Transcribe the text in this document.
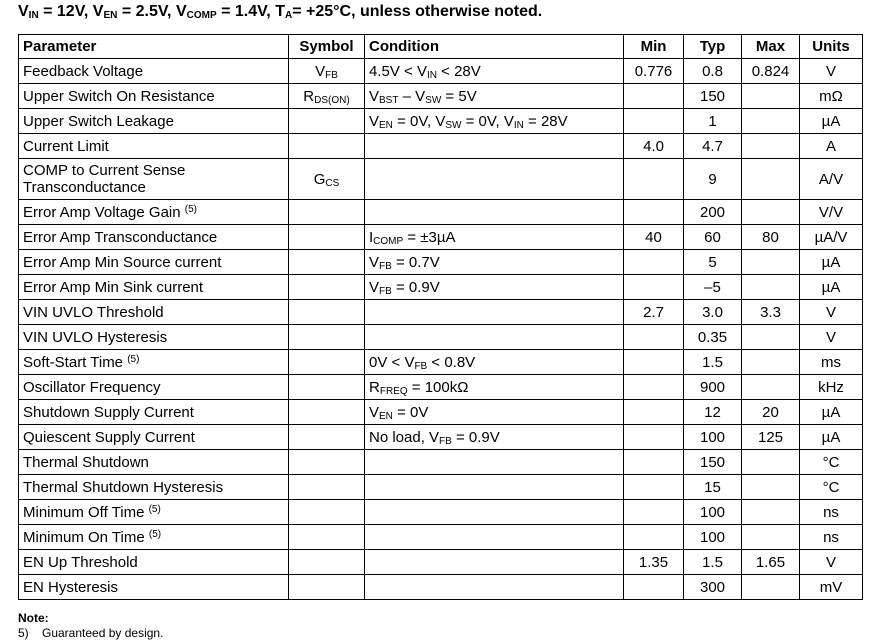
$V_{IN} = 12V$, $V_{EN} = 2.5V$, $V_{COMP} = 1.4V$, $T_A= +25^\circ C$, unless otherwise noted.
Parameter	Symbol	Condition	Min	Typ	Max	Units
Feedback Voltage	$V_{FB}$	$4.5V < V_{IN} < 28V$	0.776	0.8	0.824	V
Upper Switch On Resistance	$R_{DS(ON)}$	$V_{BST} - V_{SW} = 5V$		150		mΩ
Upper Switch Leakage		$V_{EN} = 0V$, $V_{SW} = 0V$, $V_{IN} = 28V$		1		µA
Current Limit			4.0	4.7		A
COMP to Current Sense Transconductance	$G_{CS}$			9		A/V
Error Amp Voltage Gain $^{(5)}$				200		V/V
Error Amp Transconductance		$I_{COMP} = \pm 3\mu A$	40	60	80	µA/V
Error Amp Min Source current		$V_{FB} = 0.7V$		5		µA
Error Amp Min Sink current		$V_{FB} = 0.9V$		–5		µA
VIN UVLO Threshold			2.7	3.0	3.3	V
VIN UVLO Hysteresis				0.35		V
Soft-Start Time $^{(5)}$		$0V < V_{FB} < 0.8V$		1.5		ms
Oscillator Frequency		$R_{FREQ} = 100k\Omega$		900		kHz
Shutdown Supply Current		$V_{EN} = 0V$		12	20	µA
Quiescent Supply Current		No load, $V_{FB} = 0.9V$		100	125	µA
Thermal Shutdown				150		°C
Thermal Shutdown Hysteresis				15		°C
Minimum Off Time $^{(5)}$				100		ns
Minimum On Time $^{(5)}$				100		ns
EN Up Threshold			1.35	1.5	1.65	V
EN Hysteresis				300		mV
Note:
5) Guaranteed by design.
